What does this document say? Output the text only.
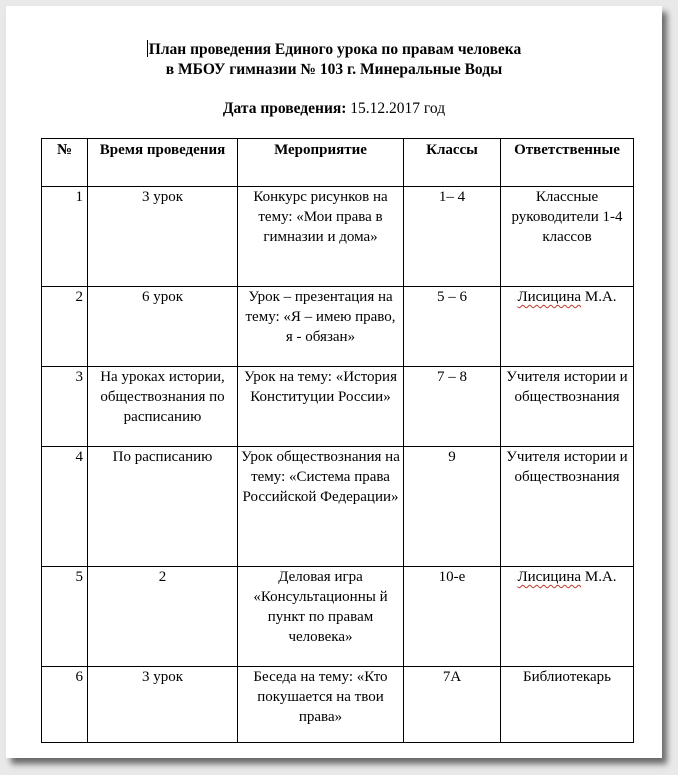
План проведения Единого урока по правам человека
в МБОУ гимназии № 103 г. Минеральные Воды
Дата проведения: 15.12.2017 год
№	Время проведения	Мероприятие	Классы	Ответственные
1	3 урок	Конкурс рисунков на тему: «Мои права в гимназии и дома»	1– 4	Классные руководители 1-4 классов
2	6 урок	Урок – презентация на тему: «Я – имею право, я - обязан»	5 – 6	Лисицина М.А.
3	На уроках истории, обществознания по расписанию	Урок на тему: «История Конституции России»	7 – 8	Учителя истории и обществознания
4	По расписанию	Урок обществознания на тему: «Система права Российской Федерации»	9	Учителя истории и обществознания
5	2	Деловая игра «Консультационны й пункт по правам человека»	10-е	Лисицина М.А.
6	3 урок	Беседа на тему: «Кто покушается на твои права»	7А	Библиотекарь
